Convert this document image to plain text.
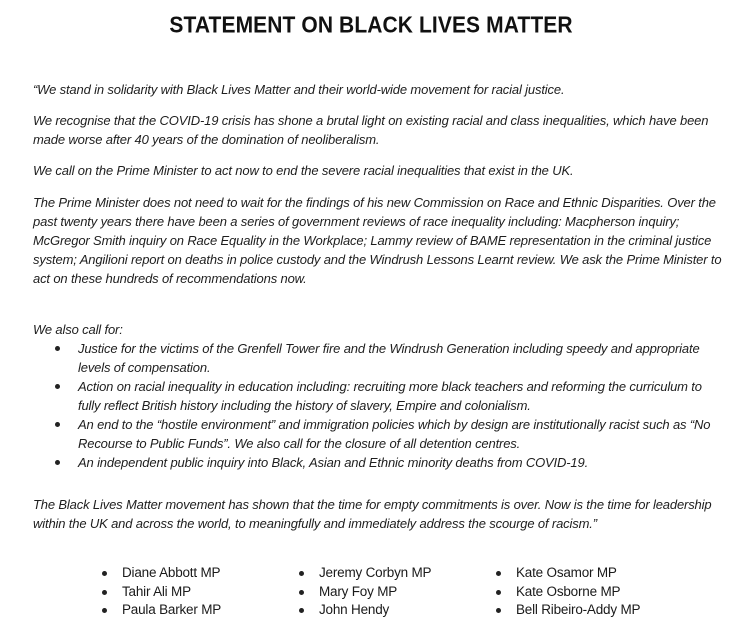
STATEMENT ON BLACK LIVES MATTER
“We stand in solidarity with Black Lives Matter and their world-wide movement for racial justice.
We recognise that the COVID-19 crisis has shone a brutal light on existing racial and class inequalities, which have been made worse after 40 years of the domination of neoliberalism.
We call on the Prime Minister to act now to end the severe racial inequalities that exist in the UK.
The Prime Minister does not need to wait for the findings of his new Commission on Race and Ethnic Disparities. Over the past twenty years there have been a series of government reviews of race inequality including: Macpherson inquiry; McGregor Smith inquiry on Race Equality in the Workplace; Lammy review of BAME representation in the criminal justice system; Angilioni report on deaths in police custody and the Windrush Lessons Learnt review. We ask the Prime Minister to act on these hundreds of recommendations now.
We also call for:
Justice for the victims of the Grenfell Tower fire and the Windrush Generation including speedy and appropriate levels of compensation.
Action on racial inequality in education including: recruiting more black teachers and reforming the curriculum to fully reflect British history including the history of slavery, Empire and colonialism.
An end to the “hostile environment” and immigration policies which by design are institutionally racist such as “No Recourse to Public Funds”. We also call for the closure of all detention centres.
An independent public inquiry into Black, Asian and Ethnic minority deaths from COVID-19.
The Black Lives Matter movement has shown that the time for empty commitments is over. Now is the time for leadership within the UK and across the world, to meaningfully and immediately address the scourge of racism.”
Diane Abbott MP
Tahir Ali MP
Paula Barker MP
Jeremy Corbyn MP
Mary Foy MP
John Hendy
Kate Osamor MP
Kate Osborne MP
Bell Ribeiro-Addy MP
